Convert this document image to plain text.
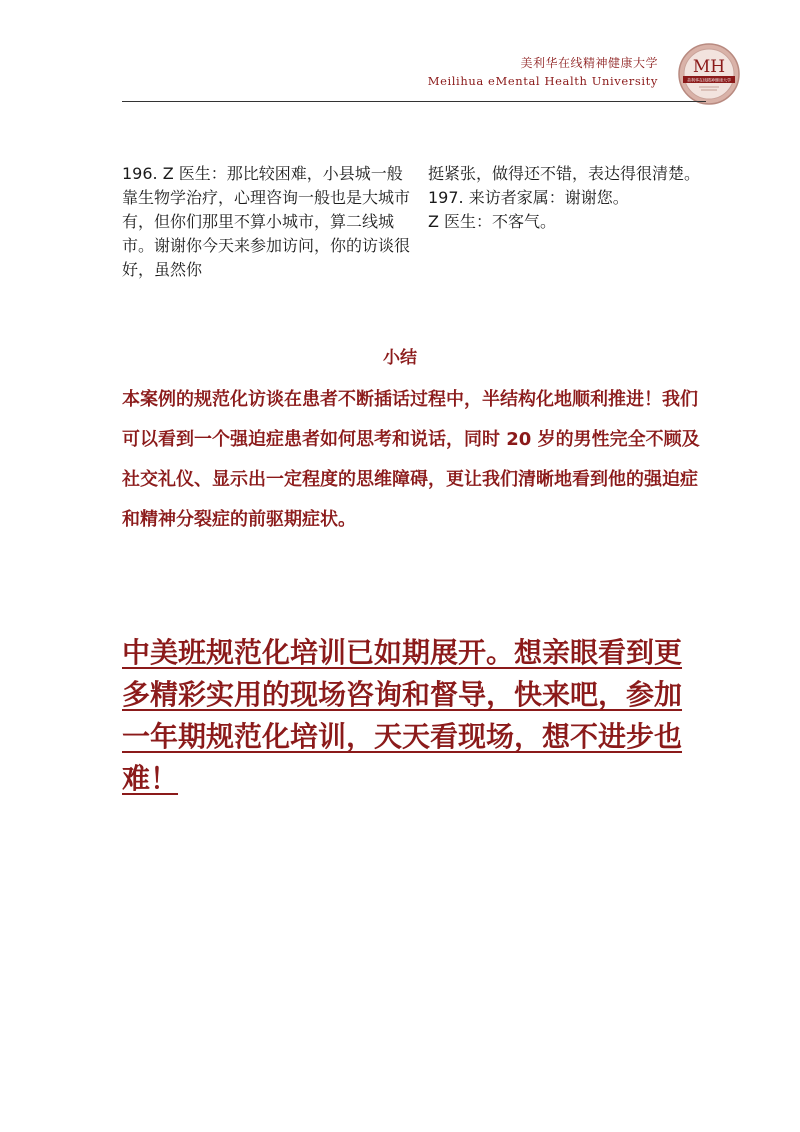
美利华在线精神健康大学
Meilihua eMental Health University
MH
美利华在线精神健康大学

196. Z 医生：那比较困难，小县城一般靠生物学治疗，心理咨询一般也是大城市有，但你们那里不算小城市，算二线城市。谢谢你今天来参加访问，你的访谈很好，虽然你

挺紧张，做得还不错，表达得很清楚。

197. 来访者家属：谢谢您。

Z 医生：不客气。

小结

本案例的规范化访谈在患者不断插话过程中，半结构化地顺利推进！我们可以看到一个强迫症患者如何思考和说话，同时 20 岁的男性完全不顾及社交礼仪、显示出一定程度的思维障碍，更让我们清晰地看到他的强迫症和精神分裂症的前驱期症状。

中美班规范化培训已如期展开。想亲眼看到更多精彩实用的现场咨询和督导，快来吧，参加一年期规范化培训，天天看现场，想不进步也难！
